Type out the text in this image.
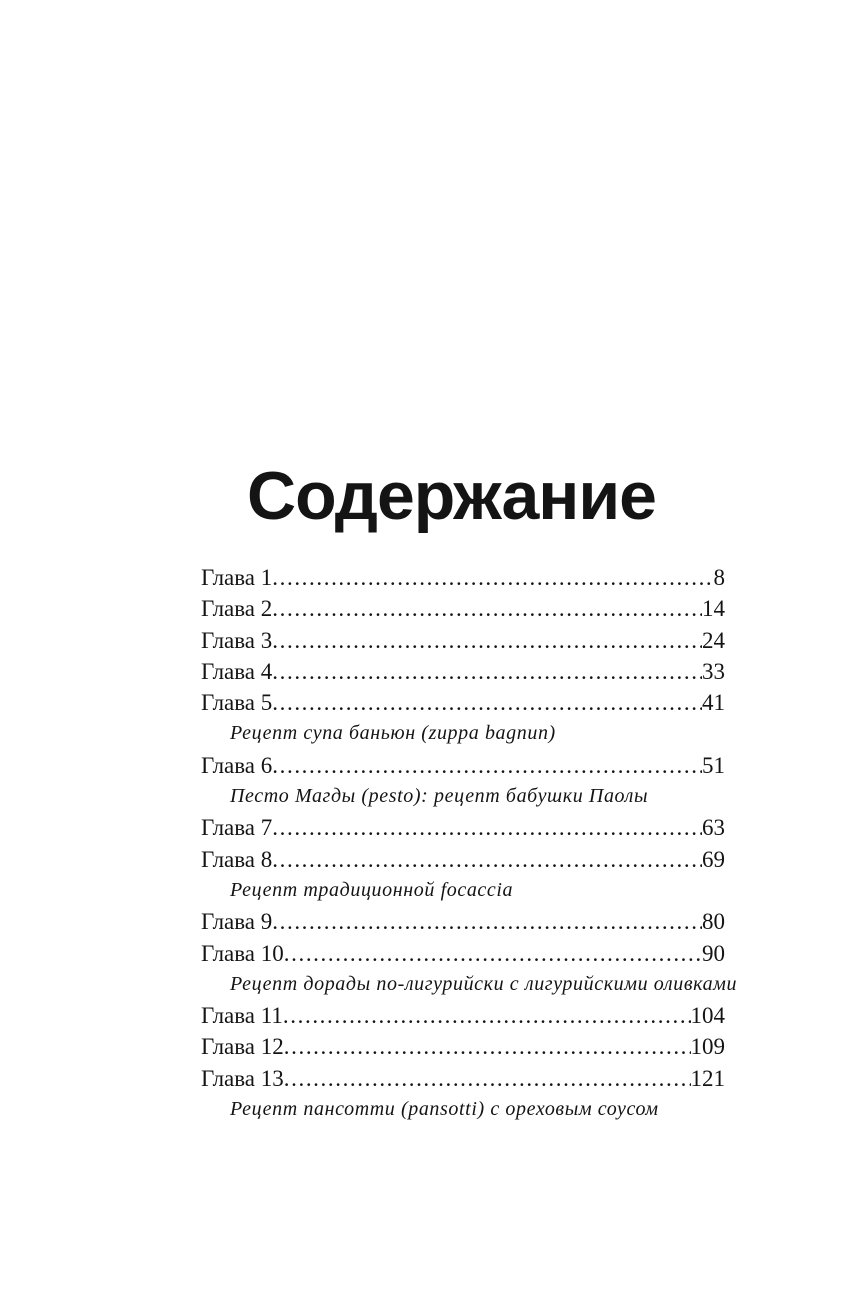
Содержание
Глава 1 .....	8
Глава 2 .....	14
Глава 3 .....	24
Глава 4 .....	33
Глава 5 .....	41
Рецепт супа баньюн (zuppa bagnun)
Глава 6 .....	51
Песто Магды (pesto): рецепт бабушки Паолы
Глава 7 .....	63
Глава 8 .....	69
Рецепт традиционной focaccia
Глава 9 .....	80
Глава 10 .....	90
Рецепт дорады по-лигурийски с лигурийскими оливками
Глава 11 .....	104
Глава 12 .....	109
Глава 13 .....	121
Рецепт пансотти (pansotti) с ореховым соусом
